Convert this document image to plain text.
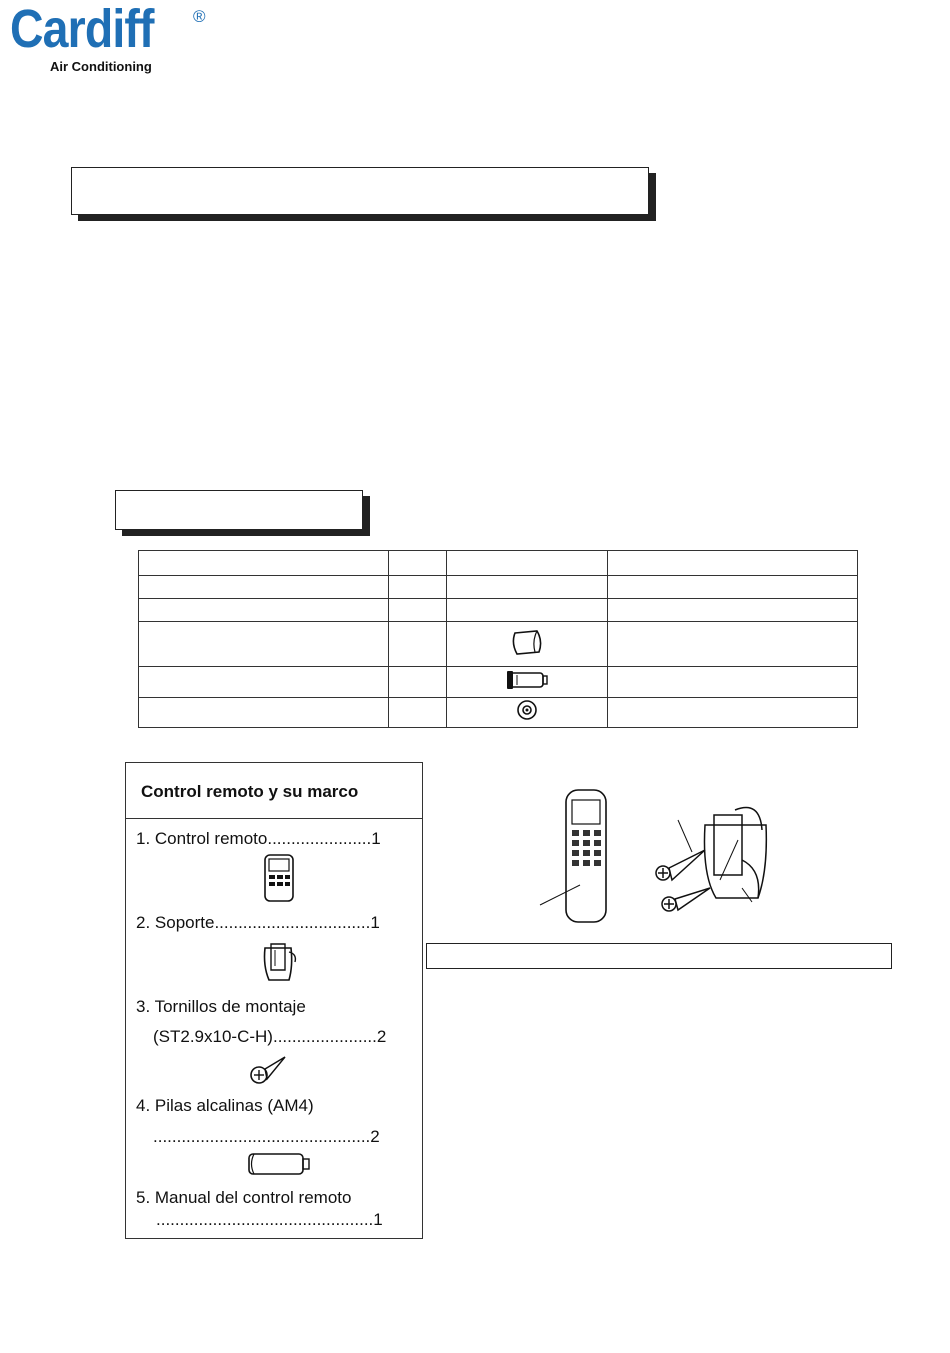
Cardiff ®
Air Conditioning

Control remoto y su marco
1. Control remoto......................1
2. Soporte.................................1
3. Tornillos de montaje
(ST2.9x10-C-H)......................2
4. Pilas alcalinas (AM4)
..............................................2
5. Manual del control remoto
..............................................1
